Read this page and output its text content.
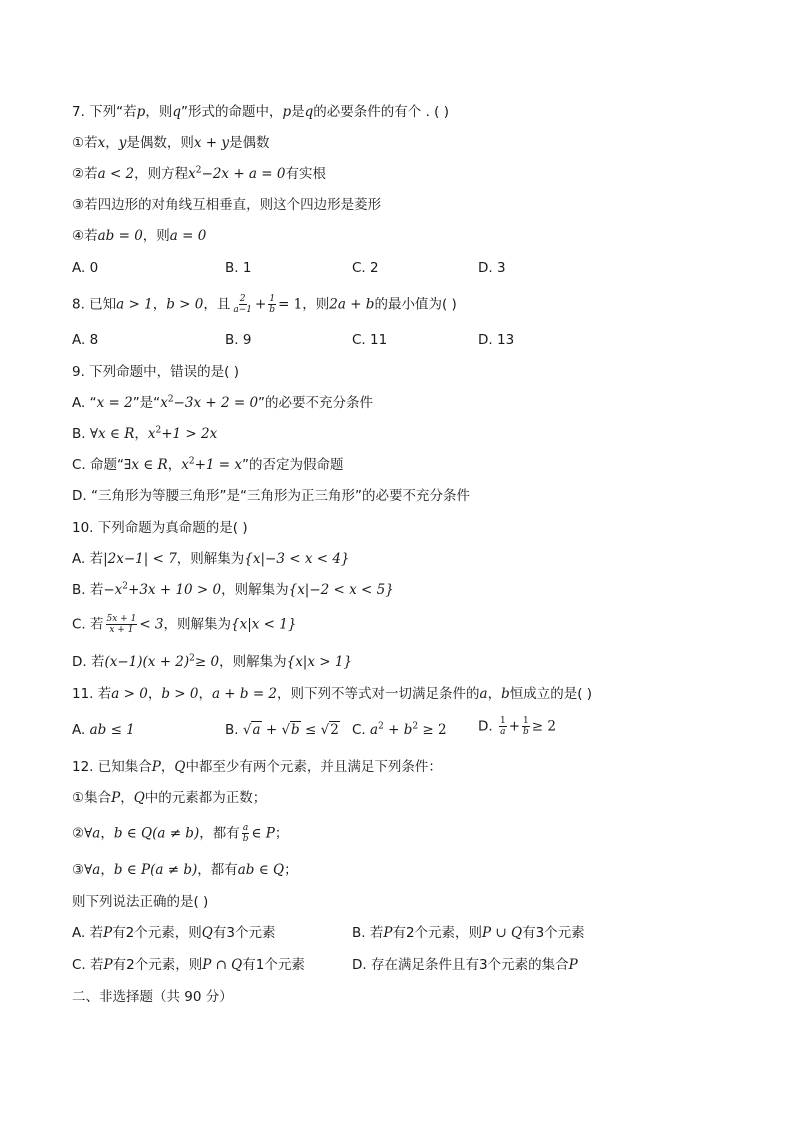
7. 下列“若p，则q”形式的命题中，p是q的必要条件的有个 . ( )
①若x，y是偶数，则x + y是偶数
②若a < 2，则方程$x^2-2x + a = 0$有实根
③若四边形的对角线互相垂直，则这个四边形是菱形
④若ab = 0，则a = 0
A. 0	B. 1	C. 2	D. 3
8. 已知a > 1，b > 0，且 $\frac{2}{a-1} + \frac{1}{b} = 1$，则2a + b的最小值为( )
A. 8	B. 9	C. 11	D. 13
9. 下列命题中，错误的是( )
A. “x = 2”是“$x^2-3x + 2 = 0$”的必要不充分条件
B. ∀x ∈ R，$x^2+1 > 2x$
C. 命题“∃x ∈ R，$x^2+1 = x$”的否定为假命题
D. “三角形为等腰三角形”是“三角形为正三角形”的必要不充分条件
10. 下列命题为真命题的是( )
A. 若|2x−1| < 7，则解集为{x|−3 < x < 4}
B. 若$-x^2+3x + 10 > 0$，则解集为{x|−2 < x < 5}
C. 若 $\frac{5x + 1}{x + 1} < 3$，则解集为{x|x < 1}
D. 若$(x-1)(x + 2)^2\ge 0$，则解集为{x|x > 1}
11. 若a > 0，b > 0，a + b = 2，则下列不等式对一切满足条件的a，b恒成立的是( )
A. ab ≤ 1	B. √a + √b ≤ √2 C. $a^2 + b^2 \ge 2$ D. $\frac{1}{a} + \frac{1}{b} \ge 2$
12. 已知集合P，Q中都至少有两个元素，并且满足下列条件：
①集合P，Q中的元素都为正数；
②∀a，b ∈ Q(a ≠ b)，都有 $\frac{a}{b}$ ∈ P；
③∀a，b ∈ P(a ≠ b)，都有ab ∈ Q；
则下列说法正确的是( )
A. 若P有2个元素，则Q有3个元素	B. 若P有2个元素，则P ∪ Q有3个元素
C. 若P有2个元素，则P ∩ Q有1个元素	D. 存在满足条件且有3个元素的集合P
二、非选择题（共 90 分）
